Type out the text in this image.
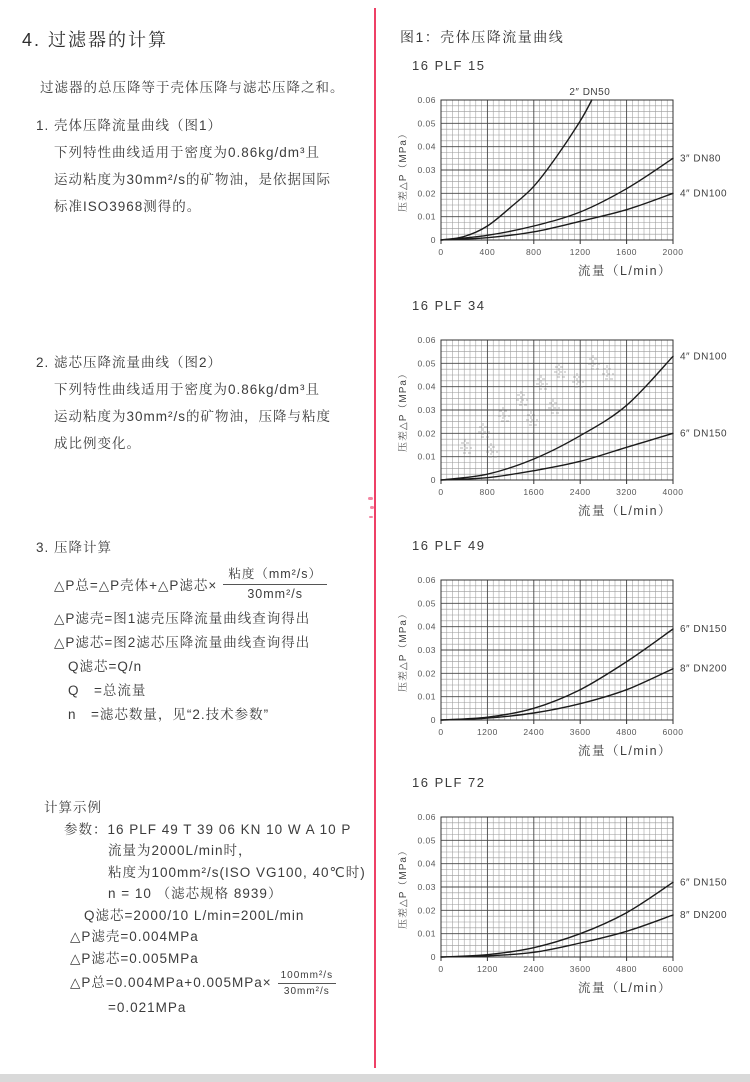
4. 过滤器的计算

过滤器的总压降等于壳体压降与滤芯压降之和。

1. 壳体压降流量曲线（图1）
下列特性曲线适用于密度为0.86kg/dm³且
运动粘度为30mm²/s的矿物油，是依据国际
标准ISO3968测得的。
2. 滤芯压降流量曲线（图2）
下列特性曲线适用于密度为0.86kg/dm³且
运动粘度为30mm²/s的矿物油，压降与粘度
成比例变化。
3. 压降计算
△P总=△P壳体+△P滤芯× $\frac{\text{粘度（mm²/s）}}{\text{30mm²/s}}$
△P滤壳=图1滤壳压降流量曲线查询得出
△P滤芯=图2滤芯压降流量曲线查询得出
Q滤芯=Q/n
Q　=总流量
n　=滤芯数量，见“2.技术参数”
计算示例
参数：16 PLF 49 T 39 06 KN 10 W A 10 P
流量为2000L/min时，
粘度为100mm²/s(ISO VG100, 40℃时)
n = 10 （滤芯规格 8939）
Q滤芯=2000/10 L/min=200L/min
△P滤壳=0.004MPa
△P滤芯=0.005MPa
△P总$=0.004MPa+0.005MPa\times \frac{\text{100mm²/s}}{\text{30mm²/s}}$
=0.021MPa
图1：壳体压降流量曲线
16 PLF 15
0	400	800	1200	1600	2000
0
0.01
0.02
0.03
0.04
0.05
0.06
2″ DN50
3″ DN80
4″ DN100
流量（L/min）
压差△P（MPa）
16 PLF 34
0	800	1600	2400	3200	4000
0
0.01
0.02
0.03
0.04
0.05
0.06
4″ DN100
6″ DN150
流量（L/min）
压差△P（MPa）
16 PLF 49
0	1200	2400	3600	4800	6000
0
0.01
0.02
0.03
0.04
0.05
0.06
6″ DN150
8″ DN200
流量（L/min）
压差△P（MPa）
16 PLF 72
0	1200	2400	3600	4800	6000
0
0.01
0.02
0.03
0.04
0.05
0.06
6″ DN150
8″ DN200
流量（L/min）
压差△P（MPa）
